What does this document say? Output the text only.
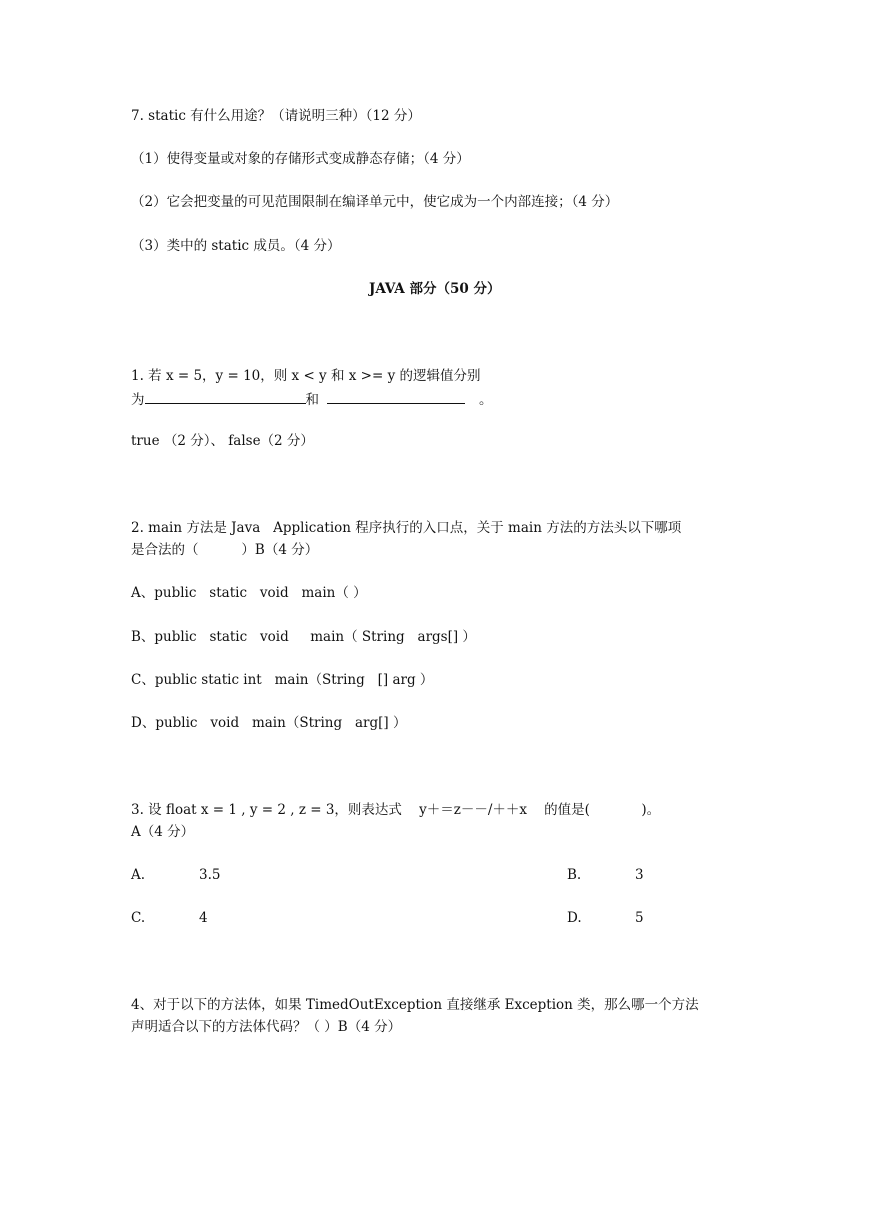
7. static 有什么用途？（请说明三种）（12 分）
（1）使得变量或对象的存储形式变成静态存储；（4 分）
（2）它会把变量的可见范围限制在编译单元中，使它成为一个内部连接；（4 分）
（3）类中的 static 成员。（4 分）
JAVA 部分（50 分）
1. 若 x = 5，y = 10，则 x < y 和 x >= y 的逻辑值分别
为	和	。
true （2 分）、 false（2 分）
2. main 方法是 Java   Application 程序执行的入口点，关于 main 方法的方法头以下哪项
是合法的（          ）B（4 分）
A、public   static   void   main（ ）
B、public   static   void     main（ String   args[] ）
C、public static int   main（String   [] arg ）
D、public   void   main（String   arg[] ）
3. 设 float x = 1 , y = 2 , z = 3，则表达式    y＋＝z－－/＋＋x    的值是(            )。
A（4 分）
A.	3.5	B.	3
C.	4	D.	5
4、对于以下的方法体，如果 TimedOutException 直接继承 Exception 类，那么哪一个方法
声明适合以下的方法体代码？（ ）B（4 分）
